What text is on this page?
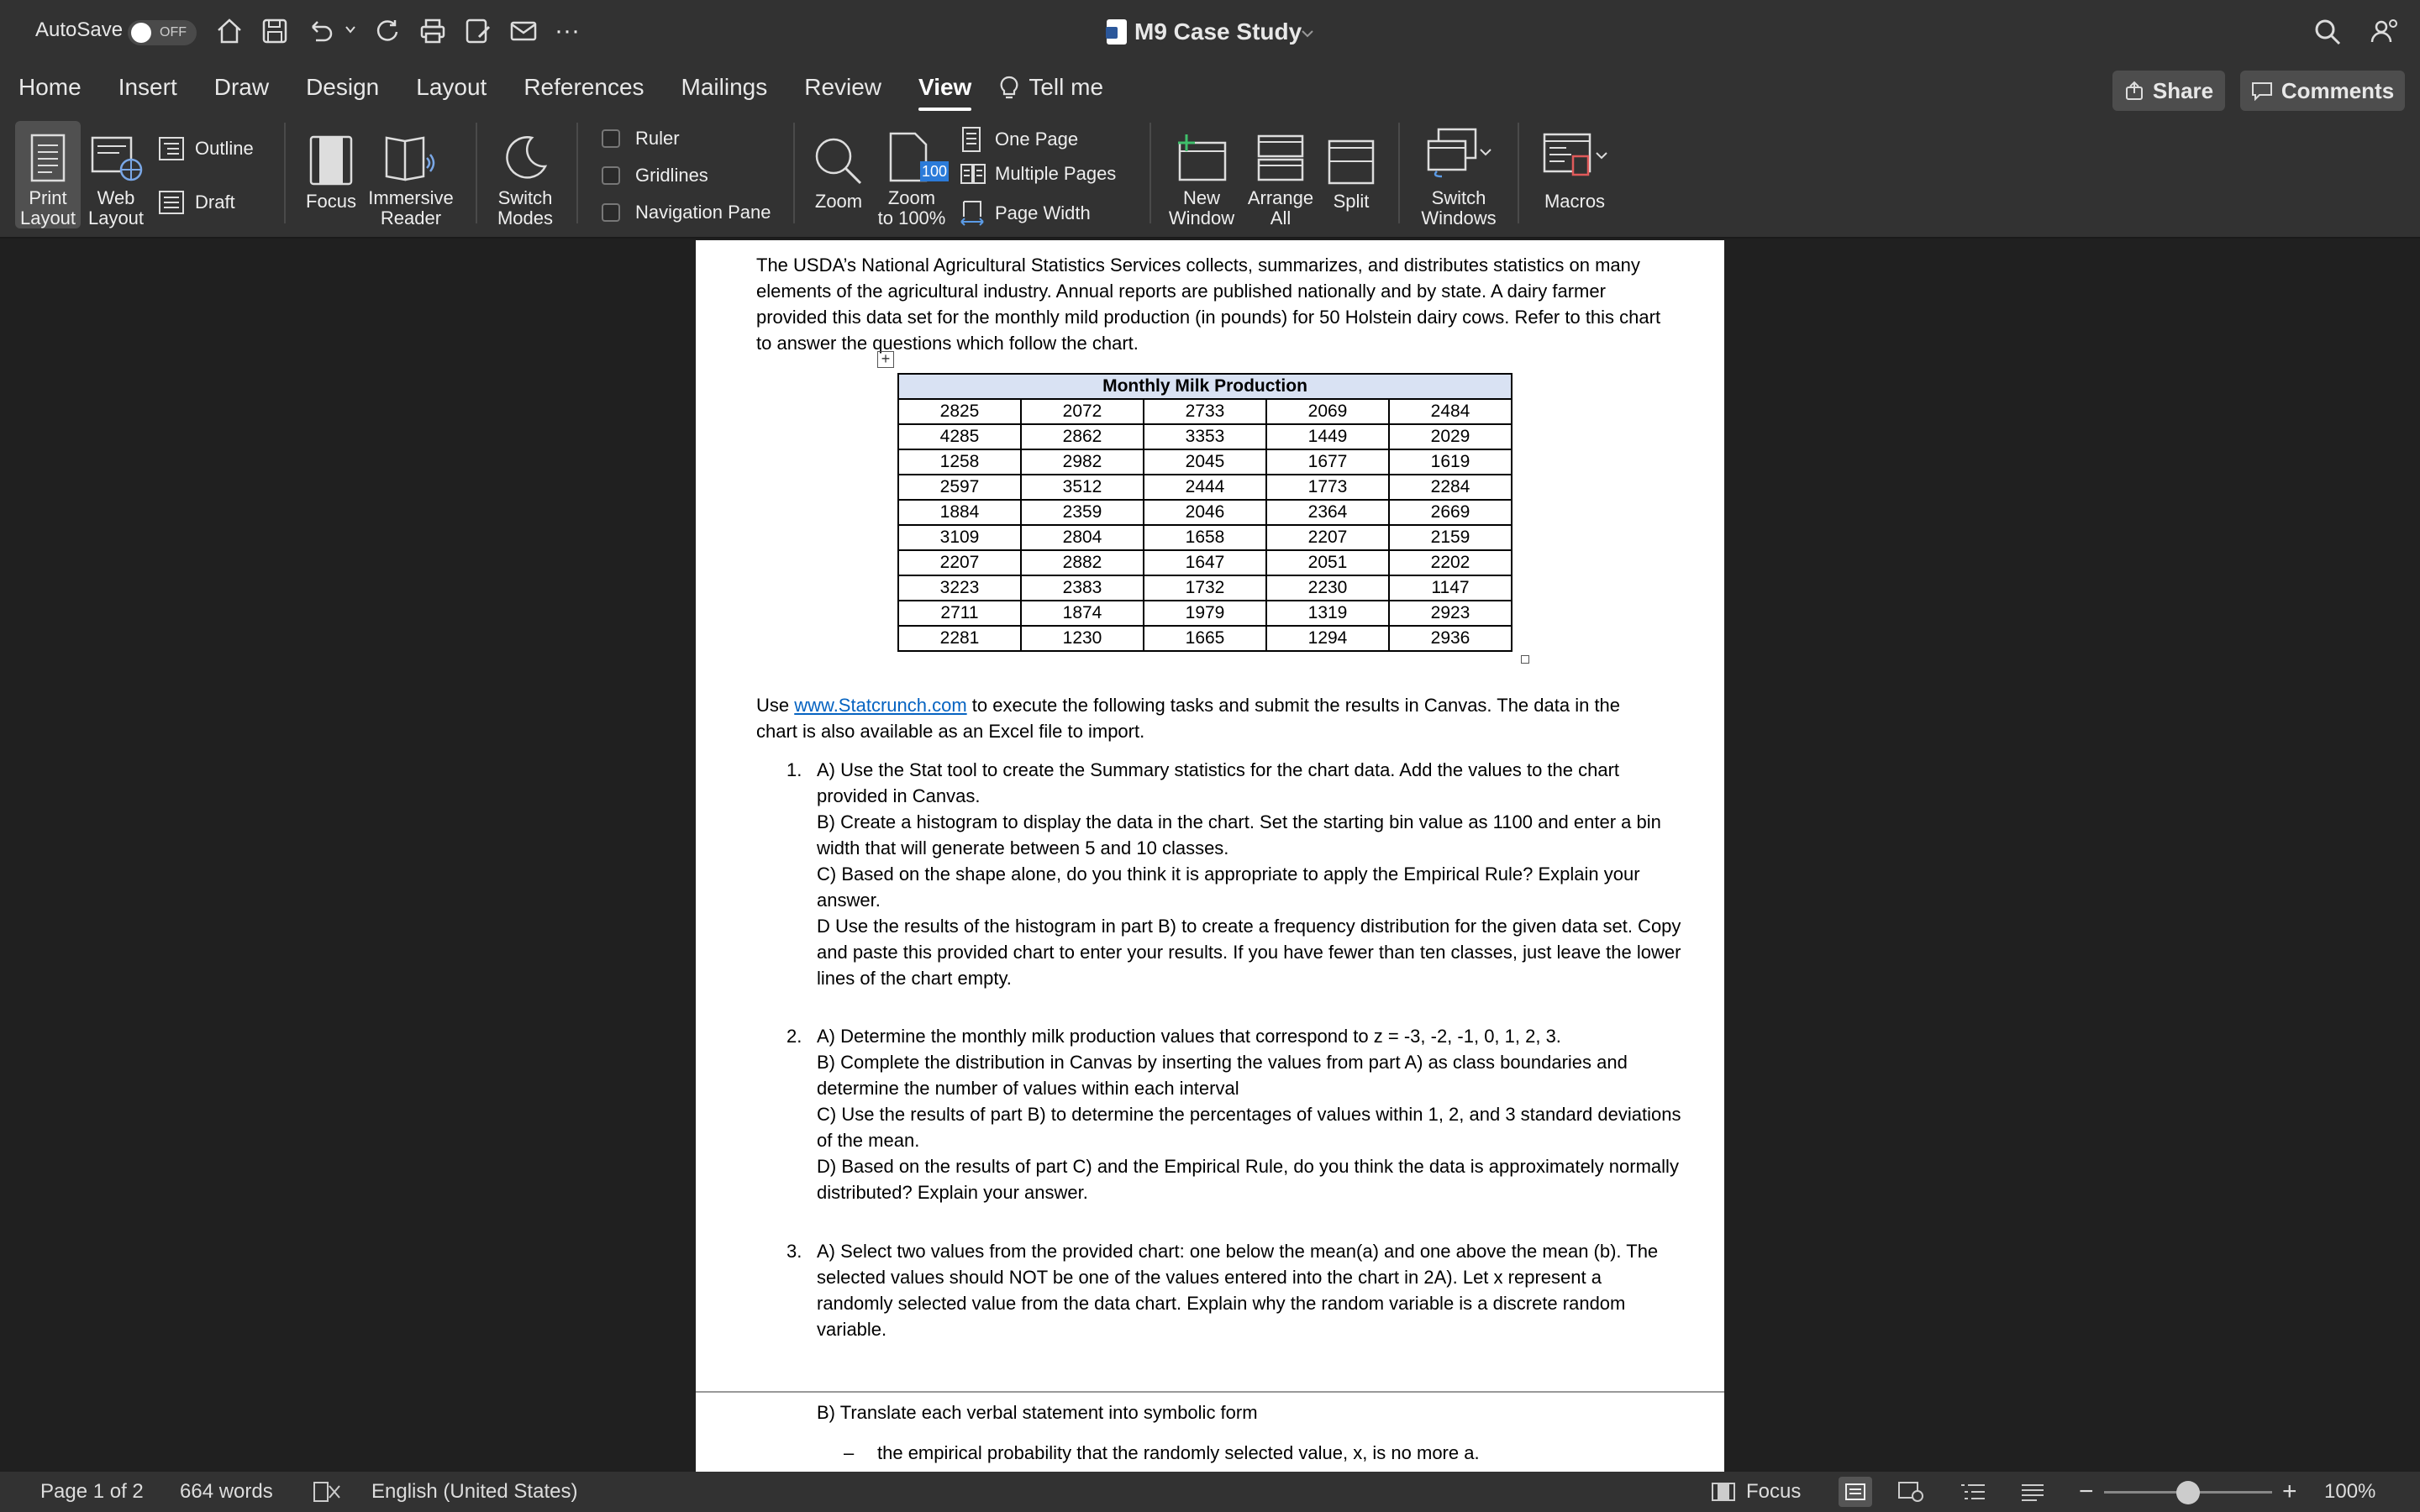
AutoSave	OFF	···	M9 Case Study
Home Insert Draw Design Layout References Mailings Review View Tell me	Share	Comments
Print
Layout
Web
Layout
Outline
Draft	Focus Immersive
Reader
Switch
Modes
Ruler
Gridlines
Navigation Pane
Zoom
100
Zoom
to 100%
One Page
Multiple Pages
Page Width
New
Window
Arrange
All
Split	Switch
Windows
Macros
The USDA’s National Agricultural Statistics Services collects, summarizes, and distributes statistics on many elements of the agricultural industry. Annual reports are published nationally and by state. A dairy farmer provided this data set for the monthly mild production (in pounds) for 50 Holstein dairy cows. Refer to this chart to answer the questions which follow the chart.
+
Monthly Milk Production				
2825	2072	2733	2069	2484
4285	2862	3353	1449	2029
1258	2982	2045	1677	1619
2597	3512	2444	1773	2284
1884	2359	2046	2364	2669
3109	2804	1658	2207	2159
2207	2882	1647	2051	2202
3223	2383	1732	2230	1147
2711	1874	1979	1319	2923
2281	1230	1665	1294	2936
Use www.Statcrunch.com to execute the following tasks and submit the results in Canvas. The data in the chart is also available as an Excel file to import.
1. A) Use the Stat tool to create the Summary statistics for the chart data. Add the values to the chart provided in Canvas.
B) Create a histogram to display the data in the chart. Set the starting bin value as 1100 and enter a bin width that will generate between 5 and 10 classes.
C) Based on the shape alone, do you think it is appropriate to apply the Empirical Rule? Explain your answer.
D Use the results of the histogram in part B) to create a frequency distribution for the given data set. Copy and paste this provided chart to enter your results. If you have fewer than ten classes, just leave the lower lines of the chart empty.
2. A) Determine the monthly milk production values that correspond to z = -3, -2, -1, 0, 1, 2, 3.
B) Complete the distribution in Canvas by inserting the values from part A) as class boundaries and determine the number of values within each interval
C) Use the results of part B) to determine the percentages of values within 1, 2, and 3 standard deviations of the mean.
D) Based on the results of part C) and the Empirical Rule, do you think the data is approximately normally distributed? Explain your answer.
3. A) Select two values from the provided chart: one below the mean(a) and one above the mean (b). The selected values should NOT be one of the values entered into the chart in 2A). Let x represent a randomly selected value from the data chart. Explain why the random variable is a discrete random variable.
B) Translate each verbal statement into symbolic form
– the empirical probability that the randomly selected value, x, is no more a.
Page 1 of 2 664 words	English (United States)	Focus	−	+ 100%
